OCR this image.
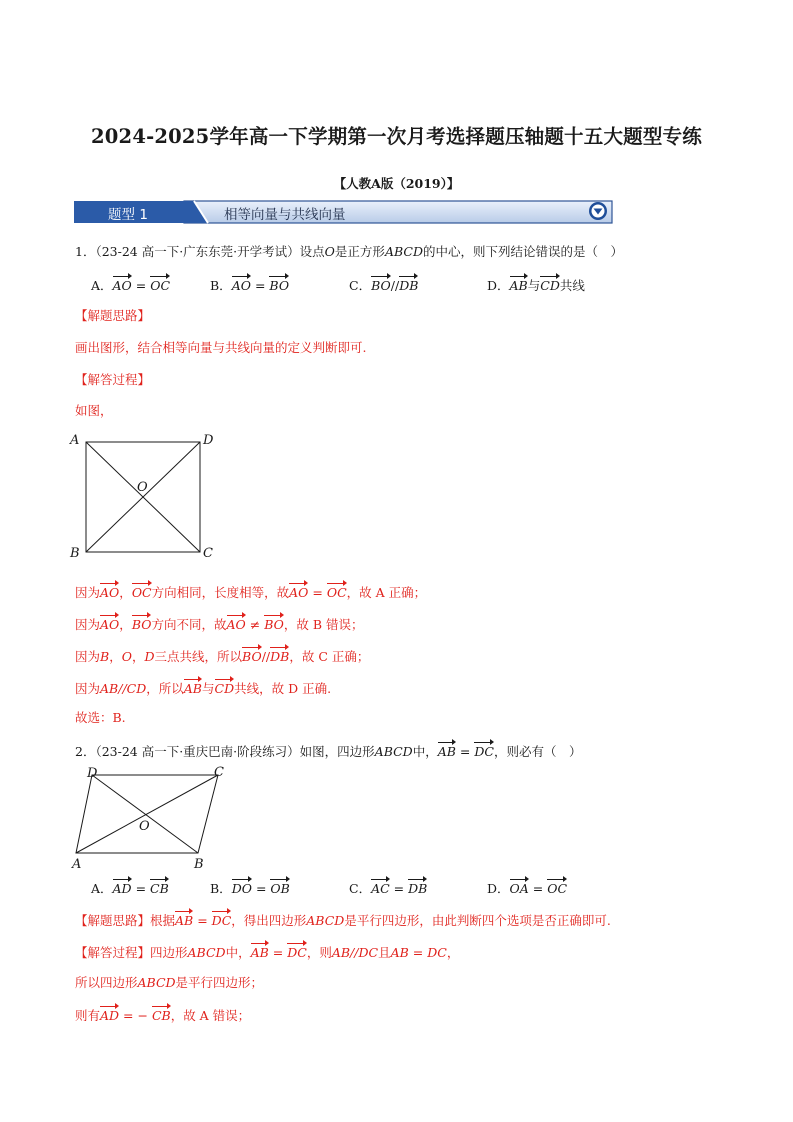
2024-2025学年高一下学期第一次月考选择题压轴题十五大题型专练
【人教A版（2019）】
题型 1	相等向量与共线向量
1．（23-24 高一下·广东东莞·开学考试）设点O是正方形ABCD的中心，则下列结论错误的是（　）
A．AO = OC	B．AO = BO	C．BO//DB	D．AB与CD共线
【解题思路】
画出图形，结合相等向量与共线向量的定义判断即可.
【解答过程】
如图，
A	D
B	C
O
因为AO，OC方向相同，长度相等，故AO = OC，故 A 正确；
因为AO，BO方向不同，故AO ≠ BO，故 B 错误；
因为B，O，D三点共线，所以BO//DB，故 C 正确；
因为AB//CD，所以AB与CD共线，故 D 正确.
故选：B.
2．（23-24 高一下·重庆巴南·阶段练习）如图，四边形ABCD中，AB = DC，则必有（　）
D	C
A	B
O
A．AD = CB	B．DO = OB	C．AC = DB	D．OA = OC
【解题思路】根据AB = DC，得出四边形ABCD是平行四边形，由此判断四个选项是否正确即可.
【解答过程】四边形ABCD中，AB = DC，则AB//DC且AB = DC，
所以四边形ABCD是平行四边形；
则有AD = − CB，故 A 错误；
